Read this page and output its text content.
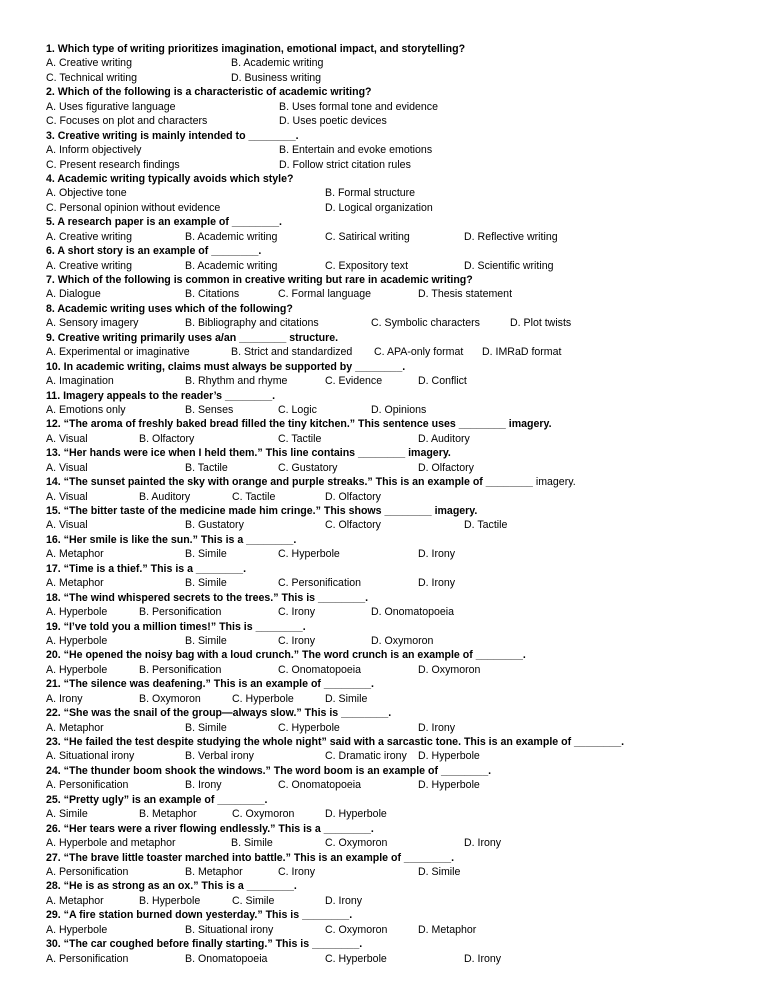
1. Which type of writing prioritizes imagination, emotional impact, and storytelling?
A. Creative writing	B. Academic writing
C. Technical writing	D. Business writing
2. Which of the following is a characteristic of academic writing?
A. Uses figurative language	B. Uses formal tone and evidence
C. Focuses on plot and characters	D. Uses poetic devices
3. Creative writing is mainly intended to ________.
A. Inform objectively	B. Entertain and evoke emotions
C. Present research findings	D. Follow strict citation rules
4. Academic writing typically avoids which style?
A. Objective tone	B. Formal structure
C. Personal opinion without evidence	D. Logical organization
5. A research paper is an example of ________.
A. Creative writing	B. Academic writing	C. Satirical writing	D. Reflective writing
6. A short story is an example of ________.
A. Creative writing	B. Academic writing	C. Expository text	D. Scientific writing
7. Which of the following is common in creative writing but rare in academic writing?
A. Dialogue	B. Citations	C. Formal language	D. Thesis statement
8. Academic writing uses which of the following?
A. Sensory imagery	B. Bibliography and citations	C. Symbolic characters	D. Plot twists
9. Creative writing primarily uses a/an ________ structure.
A. Experimental or imaginative	B. Strict and standardized C. APA-only format D. IMRaD format
10. In academic writing, claims must always be supported by ________.
A. Imagination	B. Rhythm and rhyme	C. Evidence	D. Conflict
11. Imagery appeals to the reader’s ________.
A. Emotions only	B. Senses	C. Logic	D. Opinions
12. “The aroma of freshly baked bread filled the tiny kitchen.” This sentence uses ________ imagery.
A. Visual	B. Olfactory	C. Tactile	D. Auditory
13. “Her hands were ice when I held them.” This line contains ________ imagery.
A. Visual	B. Tactile	C. Gustatory	D. Olfactory
14. “The sunset painted the sky with orange and purple streaks.” This is an example of ________ imagery.
A. Visual	B. Auditory	C. Tactile	D. Olfactory
15. “The bitter taste of the medicine made him cringe.” This shows ________ imagery.
A. Visual	B. Gustatory	C. Olfactory	D. Tactile
16. “Her smile is like the sun.” This is a ________.
A. Metaphor	B. Simile	C. Hyperbole	D. Irony
17. “Time is a thief.” This is a ________.
A. Metaphor	B. Simile	C. Personification	D. Irony
18. “The wind whispered secrets to the trees.” This is ________.
A. Hyperbole	B. Personification	C. Irony	D. Onomatopoeia
19. “I’ve told you a million times!” This is ________.
A. Hyperbole	B. Simile	C. Irony	D. Oxymoron
20. “He opened the noisy bag with a loud crunch.” The word crunch is an example of ________.
A. Hyperbole	B. Personification	C. Onomatopoeia	D. Oxymoron
21. “The silence was deafening.” This is an example of ________.
A. Irony	B. Oxymoron	C. Hyperbole	D. Simile
22. “She was the snail of the group—always slow.” This is ________.
A. Metaphor	B. Simile	C. Hyperbole	D. Irony
23. “He failed the test despite studying the whole night” said with a sarcastic tone. This is an example of ________.
A. Situational irony	B. Verbal irony	C. Dramatic irony D. Hyperbole
24. “The thunder boom shook the windows.” The word boom is an example of ________.
A. Personification	B. Irony	C. Onomatopoeia	D. Hyperbole
25. “Pretty ugly” is an example of ________.
A. Simile	B. Metaphor	C. Oxymoron	D. Hyperbole
26. “Her tears were a river flowing endlessly.” This is a ________.
A. Hyperbole and metaphor	B. Simile	C. Oxymoron	D. Irony
27. “The brave little toaster marched into battle.” This is an example of ________.
A. Personification	B. Metaphor	C. Irony	D. Simile
28. “He is as strong as an ox.” This is a ________.
A. Metaphor	B. Hyperbole	C. Simile	D. Irony
29. “A fire station burned down yesterday.” This is ________.
A. Hyperbole	B. Situational irony	C. Oxymoron	D. Metaphor
30. “The car coughed before finally starting.” This is ________.
A. Personification	B. Onomatopoeia	C. Hyperbole	D. Irony
